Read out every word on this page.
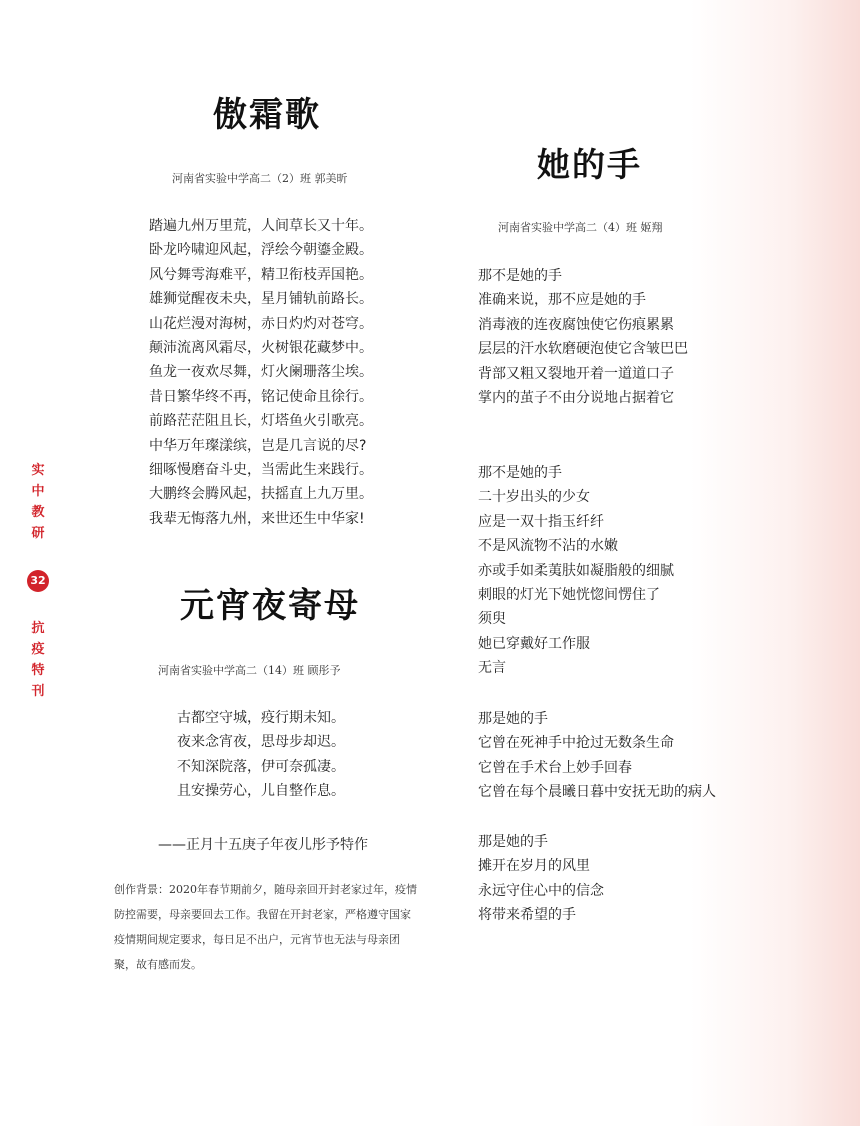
实
中
教
研
32
抗
疫
特
刊
傲霜歌

河南省实验中学高二（2）班 郭美昕

踏遍九州万里荒，人间草长又十年。
卧龙吟啸迎风起，浮绘今朝鎏金殿。
风兮舞雩海难平，精卫衔枝弄国艳。
雄狮觉醒夜未央，星月铺轨前路长。
山花烂漫对海树，赤日灼灼对苍穹。
颠沛流离风霜尽，火树银花藏梦中。
鱼龙一夜欢尽舞，灯火阑珊落尘埃。
昔日繁华终不再，铭记使命且徐行。
前路茫茫阻且长，灯塔鱼火引歌亮。
中华万年璨漾缤，岂是几言说的尽?
细啄慢磨奋斗史，当需此生来践行。
大鹏终会腾风起，扶摇直上九万里。
我辈无悔落九州，来世还生中华家!
元宵夜寄母

河南省实验中学高二（14）班 顾彤予

古都空守城，疫行期未知。
夜来念宵夜，思母步却迟。
不知深院落，伊可奈孤凄。
且安操劳心，儿自整作息。

——正月十五庚子年夜儿彤予特作

创作背景：2020年春节期前夕，随母亲回开封老家过年，疫情防控需要，母亲要回去工作。我留在开封老家，严格遵守国家疫情期间规定要求，每日足不出户，元宵节也无法与母亲团聚，故有感而发。

她的手

河南省实验中学高二（4）班 姬翔

那不是她的手
准确来说，那不应是她的手
消毒液的连夜腐蚀使它伤痕累累
层层的汗水软磨硬泡使它含皱巴巴
背部又粗又裂地开着一道道口子
掌内的茧子不由分说地占据着它
那不是她的手
二十岁出头的少女
应是一双十指玉纤纤
不是风流物不沾的水嫩
亦或手如柔荑肤如凝脂般的细腻
刺眼的灯光下她恍惚间愣住了
须臾
她已穿戴好工作服
无言
那是她的手
它曾在死神手中抢过无数条生命
它曾在手术台上妙手回春
它曾在每个晨曦日暮中安抚无助的病人
那是她的手
摊开在岁月的风里
永远守住心中的信念
将带来希望的手
